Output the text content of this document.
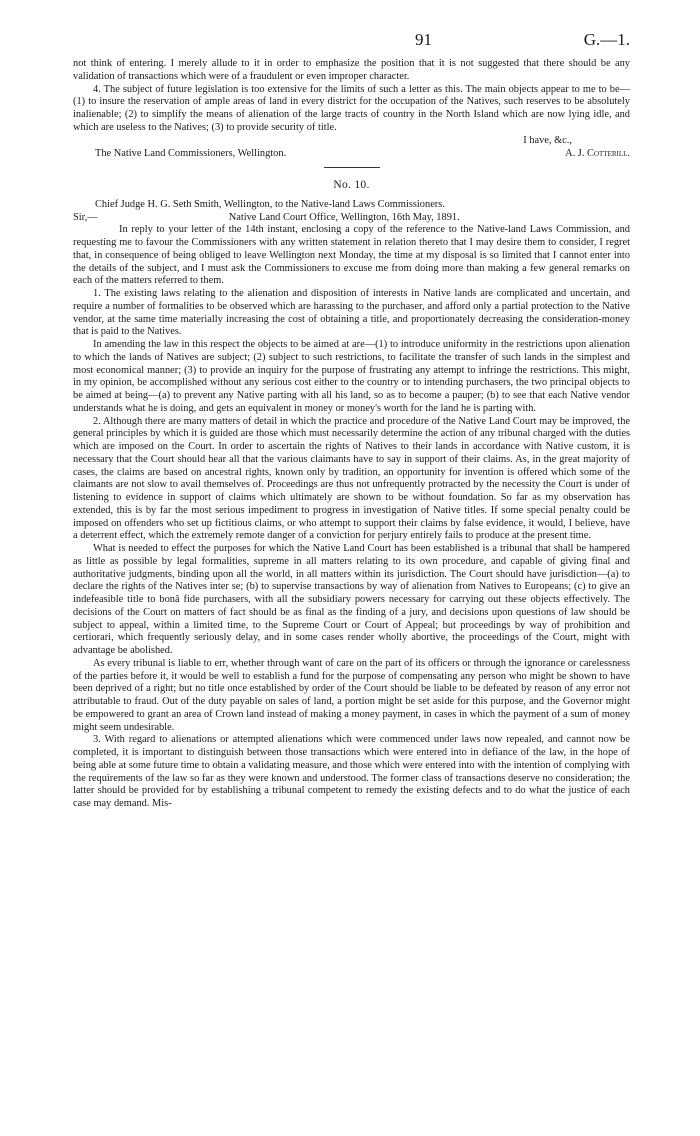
91	G.—1.

not think of entering. I merely allude to it in order to emphasize the position that it is not suggested that there should be any validation of transactions which were of a fraudulent or even improper character.

4. The subject of future legislation is too extensive for the limits of such a letter as this. The main objects appear to me to be—(1) to insure the reservation of ample areas of land in every district for the occupation of the Natives, such reserves to be absolutely inalienable; (2) to simplify the means of alienation of the large tracts of country in the North Island which are now lying idle, and which are useless to the Natives; (3) to provide security of title.

I have, &c.,

The Native Land Commissioners, Wellington.	A. J. Cotterill.
No. 10.

Chief Judge H. G. Seth Smith, Wellington, to the Native-land Laws Commissioners.

Sir,—	Native Land Court Office, Wellington, 16th May, 1891.

In reply to your letter of the 14th instant, enclosing a copy of the reference to the Native-land Laws Commission, and requesting me to favour the Commissioners with any written statement in relation thereto that I may desire them to consider, I regret that, in consequence of being obliged to leave Wellington next Monday, the time at my disposal is so limited that I cannot enter into the details of the subject, and I must ask the Commissioners to excuse me from doing more than making a few general remarks on each of the matters referred to them.

1. The existing laws relating to the alienation and disposition of interests in Native lands are complicated and uncertain, and require a number of formalities to be observed which are harassing to the purchaser, and afford only a partial protection to the Native vendor, at the same time materially increasing the cost of obtaining a title, and proportionately decreasing the consideration-money that is paid to the Natives.

In amending the law in this respect the objects to be aimed at are—(1) to introduce uniformity in the restrictions upon alienation to which the lands of Natives are subject; (2) subject to such restrictions, to facilitate the transfer of such lands in the simplest and most economical manner; (3) to provide an inquiry for the purpose of frustrating any attempt to infringe the restrictions. This might, in my opinion, be accomplished without any serious cost either to the country or to intending purchasers, the two principal objects to be aimed at being—(a) to prevent any Native parting with all his land, so as to become a pauper; (b) to see that each Native vendor understands what he is doing, and gets an equivalent in money or money's worth for the land he is parting with.

2. Although there are many matters of detail in which the practice and procedure of the Native Land Court may be improved, the general principles by which it is guided are those which must necessarily determine the action of any tribunal charged with the duties which are imposed on the Court. In order to ascertain the rights of Natives to their lands in accordance with Native custom, it is necessary that the Court should hear all that the various claimants have to say in support of their claims. As, in the great majority of cases, the claims are based on ancestral rights, known only by tradition, an opportunity for invention is offered which some of the claimants are not slow to avail themselves of. Proceedings are thus not unfrequently protracted by the necessity the Court is under of listening to evidence in support of claims which ultimately are shown to be without foundation. So far as my observation has extended, this is by far the most serious impediment to progress in investigation of Native titles. If some special penalty could be imposed on offenders who set up fictitious claims, or who attempt to support their claims by false evidence, it would, I believe, have a deterrent effect, which the extremely remote danger of a conviction for perjury entirely fails to produce at the present time.

What is needed to effect the purposes for which the Native Land Court has been established is a tribunal that shall be hampered as little as possible by legal formalities, supreme in all matters relating to its own procedure, and capable of giving final and authoritative judgments, binding upon all the world, in all matters within its jurisdiction. The Court should have jurisdiction—(a) to declare the rights of the Natives inter se; (b) to supervise transactions by way of alienation from Natives to Europeans; (c) to give an indefeasible title to bonâ fide purchasers, with all the subsidiary powers necessary for carrying out these objects effectively. The decisions of the Court on matters of fact should be as final as the finding of a jury, and decisions upon questions of law should be subject to appeal, within a limited time, to the Supreme Court or Court of Appeal; but proceedings by way of prohibition and certiorari, which frequently seriously delay, and in some cases render wholly abortive, the proceedings of the Court, might with advantage be abolished.

As every tribunal is liable to err, whether through want of care on the part of its officers or through the ignorance or carelessness of the parties before it, it would be well to establish a fund for the purpose of compensating any person who might be shown to have been deprived of a right; but no title once established by order of the Court should be liable to be defeated by reason of any error not attributable to fraud. Out of the duty payable on sales of land, a portion might be set aside for this purpose, and the Governor might be empowered to grant an area of Crown land instead of making a money payment, in cases in which the payment of a sum of money might seem undesirable.

3. With regard to alienations or attempted alienations which were commenced under laws now repealed, and cannot now be completed, it is important to distinguish between those transactions which were entered into in defiance of the law, in the hope of being able at some future time to obtain a validating measure, and those which were entered into with the intention of complying with the requirements of the law so far as they were known and understood. The former class of transactions deserve no consideration; the latter should be provided for by establishing a tribunal competent to remedy the existing defects and to do what the justice of each case may demand. Mis-
